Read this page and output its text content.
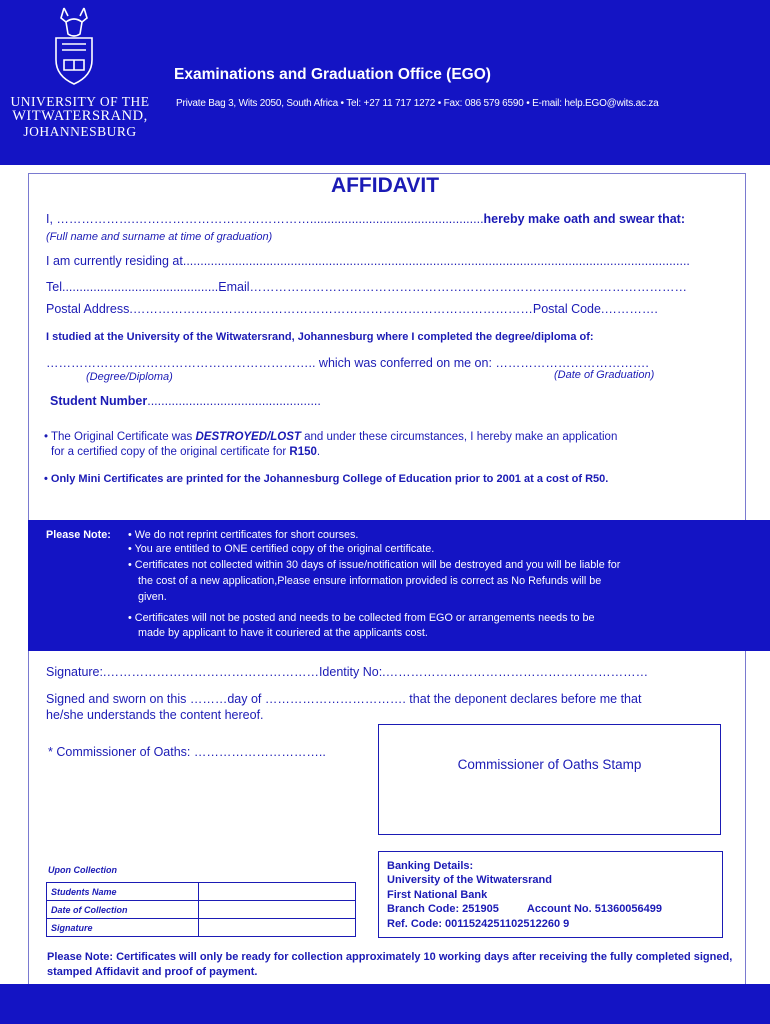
UNIVERSITY OF THE
WITWATERSRAND,
JOHANNESBURG
Examinations and Graduation Office (EGO)
Private Bag 3, Wits 2050, South Africa • Tel: +27 11 717 1272 • Fax: 086 579 6590 • E-mail: help.EGO@wits.ac.za
AFFIDAVIT
I, ……………….……………………………………..................................................hereby make oath and swear that:
(Full name and surname at time of graduation)
I am currently residing at..................................................................................................................................................
Tel.............................................Email……………………………………………………………………………………………
Postal Address.……………………………………………………………………………………Postal Code.………….
I studied at the University of the Witwatersrand, Johannesburg where I completed the degree/diploma of:
……………………………………………………….. which was conferred on me on: ……………………………….
(Degree/Diploma)	(Date of Graduation)
Student Number..................................................
• The Original Certificate was DESTROYED/LOST and under these circumstances, I hereby make an application
for a certified copy of the original certificate for R150.
• Only Mini Certificates are printed for the Johannesburg College of Education prior to 2001 at a cost of R50.
Please Note: • We do not reprint certificates for short courses.
• You are entitled to ONE certified copy of the original certificate.
• Certificates not collected within 30 days of issue/notification will be destroyed and you will be liable for
the cost of a new application,Please ensure information provided is correct as No Refunds will be
given.
• Certificates will not be posted and needs to be collected from EGO or arrangements needs to be
made by applicant to have it couriered at the applicants cost.
Signature:.……………………………………………Identity No:.………………………………………………………
Signed and sworn on this ………day of ……………………………. that the deponent declares before me that
he/she understands the content hereof.
* Commissioner of Oaths: …………………………..
Commissioner of Oaths Stamp
Upon Collection
Students Name	
Date of Collection	
Signature	
Banking Details:
University of the Witwatersrand
First National Bank
Branch Code: 251905	Account No. 51360056499
Ref. Code: 0011524251102512260 9
Please Note: Certificates will only be ready for collection approximately 10 working days after receiving the fully completed signed, stamped Affidavit and proof of payment.
